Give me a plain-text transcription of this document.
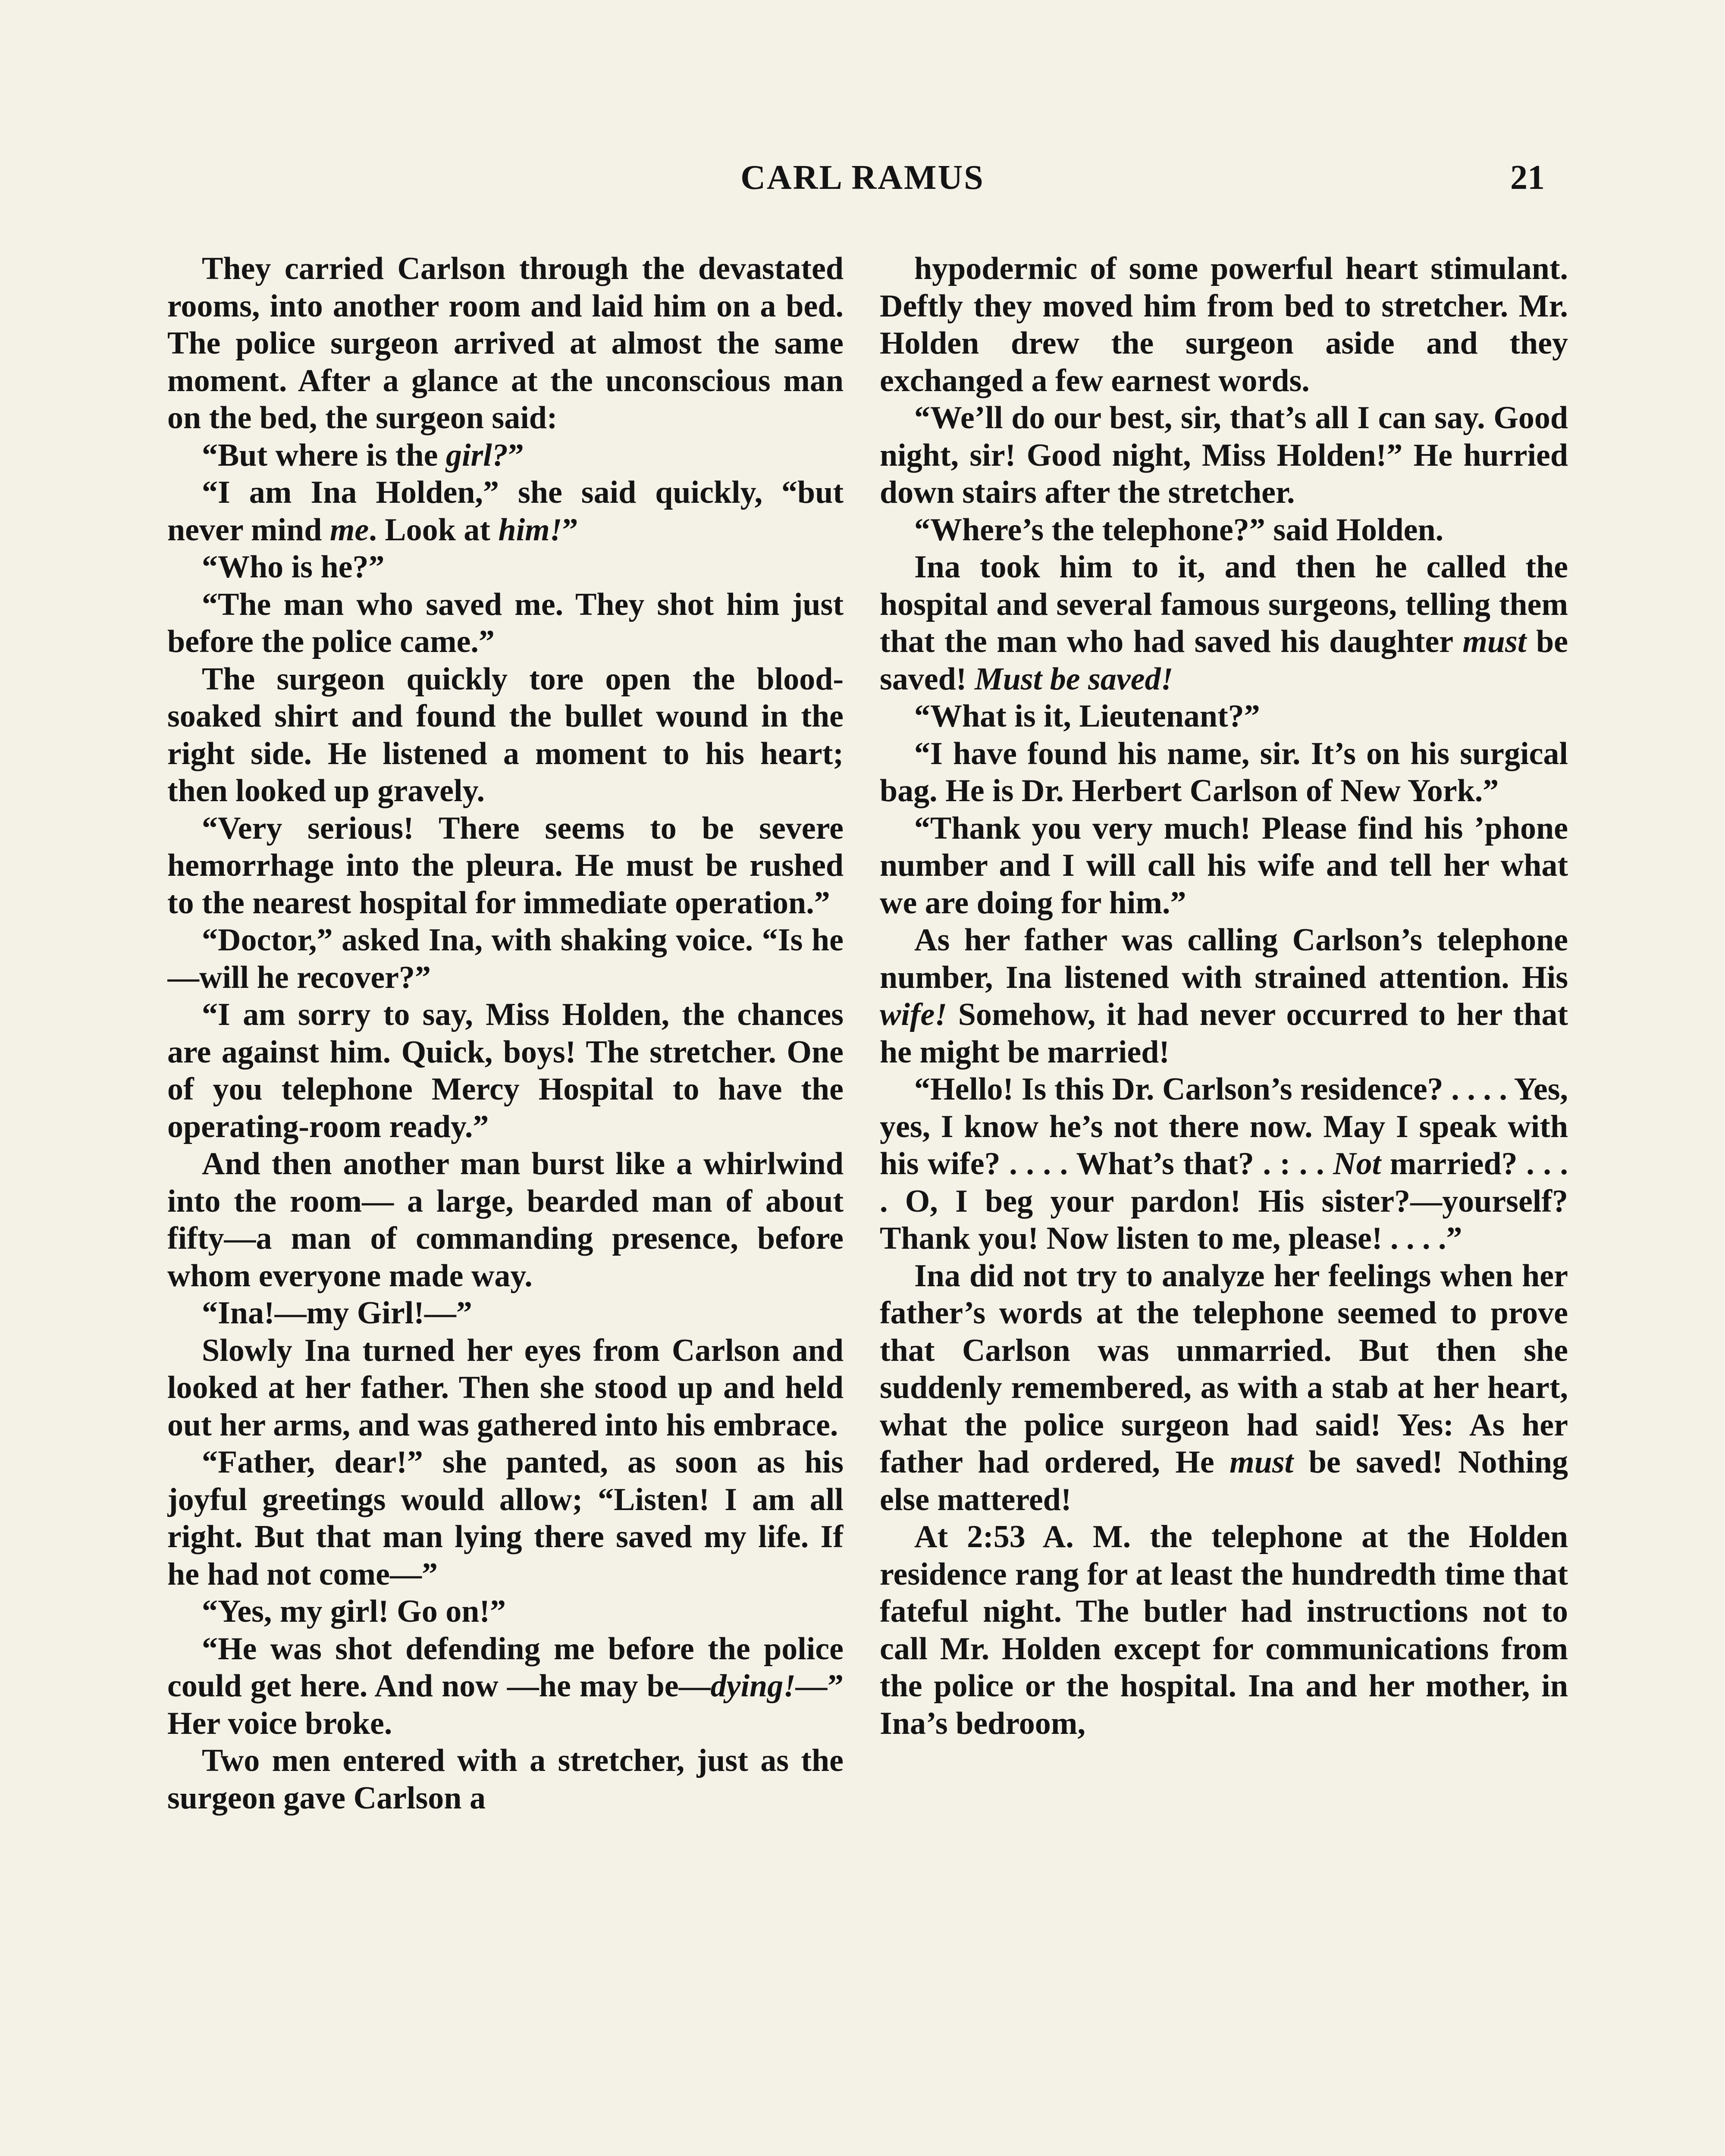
CARL RAMUS	21

They carried Carlson through the devastated rooms, into another room and laid him on a bed. The police surgeon arrived at almost the same moment. After a glance at the unconscious man on the bed, the surgeon said:

“But where is the girl?”

“I am Ina Holden,” she said quickly, “but never mind me. Look at him!”

“Who is he?”

“The man who saved me. They shot him just before the police came.”

The surgeon quickly tore open the blood-soaked shirt and found the bullet wound in the right side. He listened a moment to his heart; then looked up gravely.

“Very serious! There seems to be severe hemorrhage into the pleura. He must be rushed to the nearest hospital for immediate operation.”

“Doctor,” asked Ina, with shaking voice. “Is he—will he recover?”

“I am sorry to say, Miss Holden, the chances are against him. Quick, boys! The stretcher. One of you telephone Mercy Hospital to have the operating-room ready.”

And then another man burst like a whirlwind into the room— a large, bearded man of about fifty—a man of commanding presence, before whom everyone made way.

“Ina!—my Girl!—”

Slowly Ina turned her eyes from Carlson and looked at her father. Then she stood up and held out her arms, and was gathered into his embrace.

“Father, dear!” she panted, as soon as his joyful greetings would allow; “Listen! I am all right. But that man lying there saved my life. If he had not come—”

“Yes, my girl! Go on!”

“He was shot defending me before the police could get here. And now —he may be—dying!—” Her voice broke.

Two men entered with a stretcher, just as the surgeon gave Carlson a

hypodermic of some powerful heart stimulant. Deftly they moved him from bed to stretcher. Mr. Holden drew the surgeon aside and they exchanged a few earnest words.

“We’ll do our best, sir, that’s all I can say. Good night, sir! Good night, Miss Holden!” He hurried down stairs after the stretcher.

“Where’s the telephone?” said Holden.

Ina took him to it, and then he called the hospital and several famous surgeons, telling them that the man who had saved his daughter must be saved! Must be saved!

“What is it, Lieutenant?”

“I have found his name, sir. It’s on his surgical bag. He is Dr. Herbert Carlson of New York.”

“Thank you very much! Please find his ’phone number and I will call his wife and tell her what we are doing for him.”

As her father was calling Carlson’s telephone number, Ina listened with strained attention. His wife! Somehow, it had never occurred to her that he might be married!

“Hello! Is this Dr. Carlson’s residence? . . . . Yes, yes, I know he’s not there now. May I speak with his wife? . . . . What’s that? . : . . Not married? . . . . O, I beg your pardon! His sister?—yourself? Thank you! Now listen to me, please! . . . .”

Ina did not try to analyze her feelings when her father’s words at the telephone seemed to prove that Carlson was unmarried. But then she suddenly remembered, as with a stab at her heart, what the police surgeon had said! Yes: As her father had ordered, He must be saved! Nothing else mattered!

At 2:53 A. M. the telephone at the Holden residence rang for at least the hundredth time that fateful night. The butler had instructions not to call Mr. Holden except for communications from the police or the hospital. Ina and her mother, in Ina’s bedroom,
